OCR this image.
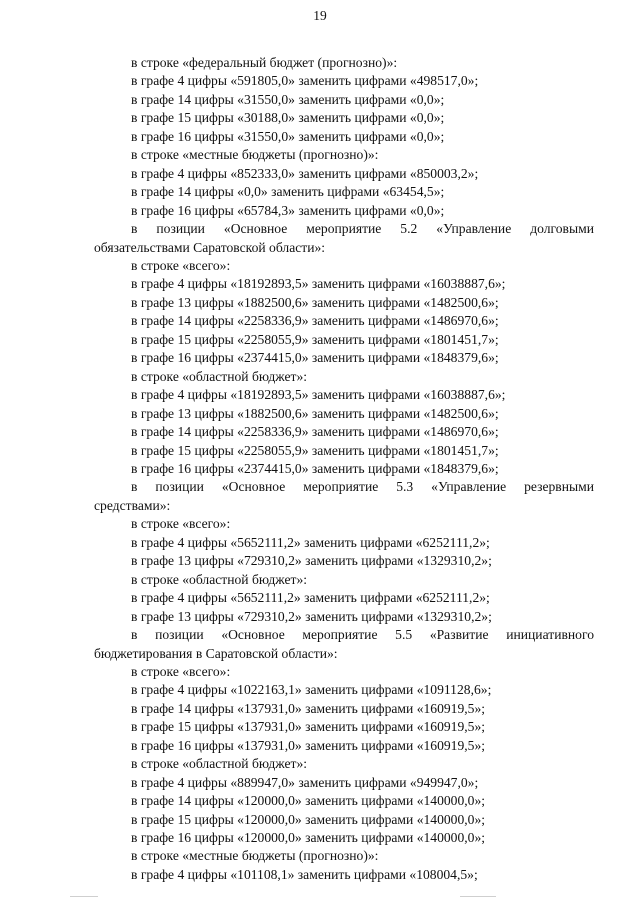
19
в строке «федеральный бюджет (прогнозно)»:
в графе 4 цифры «591805,0» заменить цифрами «498517,0»;
в графе 14 цифры «31550,0» заменить цифрами «0,0»;
в графе 15 цифры «30188,0» заменить цифрами «0,0»;
в графе 16 цифры «31550,0» заменить цифрами «0,0»;
в строке «местные бюджеты (прогнозно)»:
в графе 4 цифры «852333,0» заменить цифрами «850003,2»;
в графе 14 цифры «0,0» заменить цифрами «63454,5»;
в графе 16 цифры «65784,3» заменить цифрами «0,0»;
в позиции «Основное мероприятие 5.2 «Управление долговыми
обязательствами Саратовской области»:
в строке «всего»:
в графе 4 цифры «18192893,5» заменить цифрами «16038887,6»;
в графе 13 цифры «1882500,6» заменить цифрами «1482500,6»;
в графе 14 цифры «2258336,9» заменить цифрами «1486970,6»;
в графе 15 цифры «2258055,9» заменить цифрами «1801451,7»;
в графе 16 цифры «2374415,0» заменить цифрами «1848379,6»;
в строке «областной бюджет»:
в графе 4 цифры «18192893,5» заменить цифрами «16038887,6»;
в графе 13 цифры «1882500,6» заменить цифрами «1482500,6»;
в графе 14 цифры «2258336,9» заменить цифрами «1486970,6»;
в графе 15 цифры «2258055,9» заменить цифрами «1801451,7»;
в графе 16 цифры «2374415,0» заменить цифрами «1848379,6»;
в позиции «Основное мероприятие 5.3 «Управление резервными
средствами»:
в строке «всего»:
в графе 4 цифры «5652111,2» заменить цифрами «6252111,2»;
в графе 13 цифры «729310,2» заменить цифрами «1329310,2»;
в строке «областной бюджет»:
в графе 4 цифры «5652111,2» заменить цифрами «6252111,2»;
в графе 13 цифры «729310,2» заменить цифрами «1329310,2»;
в позиции «Основное мероприятие 5.5 «Развитие инициативного
бюджетирования в Саратовской области»:
в строке «всего»:
в графе 4 цифры «1022163,1» заменить цифрами «1091128,6»;
в графе 14 цифры «137931,0» заменить цифрами «160919,5»;
в графе 15 цифры «137931,0» заменить цифрами «160919,5»;
в графе 16 цифры «137931,0» заменить цифрами «160919,5»;
в строке «областной бюджет»:
в графе 4 цифры «889947,0» заменить цифрами «949947,0»;
в графе 14 цифры «120000,0» заменить цифрами «140000,0»;
в графе 15 цифры «120000,0» заменить цифрами «140000,0»;
в графе 16 цифры «120000,0» заменить цифрами «140000,0»;
в строке «местные бюджеты (прогнозно)»:
в графе 4 цифры «101108,1» заменить цифрами «108004,5»;
